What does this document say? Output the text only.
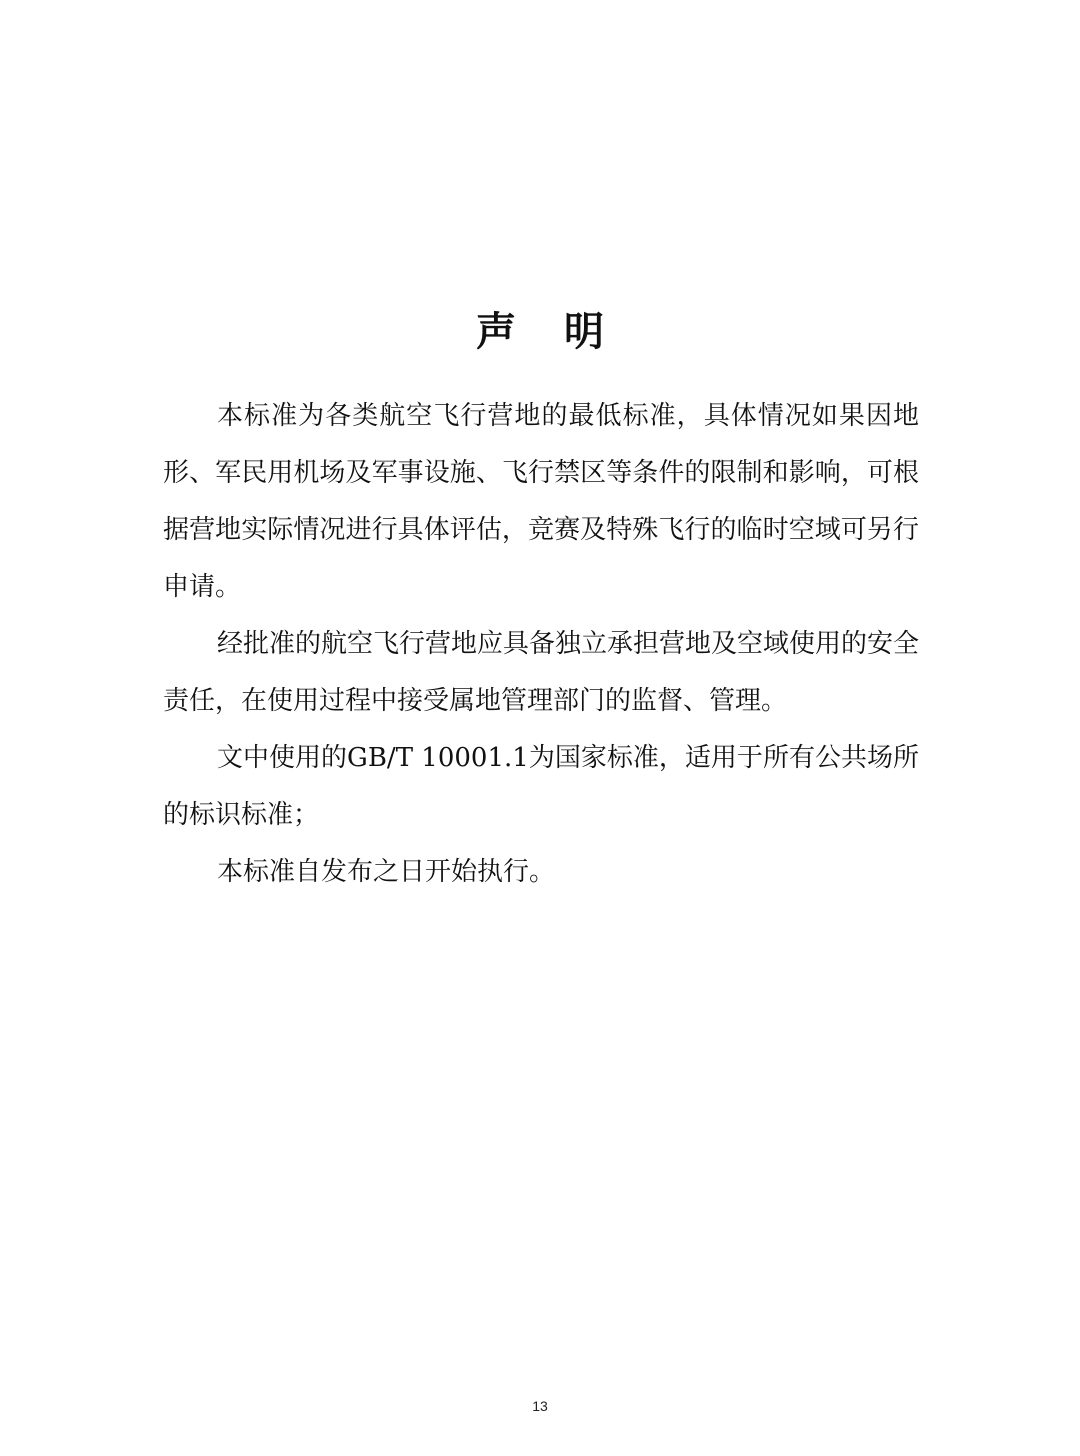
声 明

本标准为各类航空飞行营地的最低标准，具体情况如果因地形、军民用机场及军事设施、飞行禁区等条件的限制和影响，可根据营地实际情况进行具体评估，竞赛及特殊飞行的临时空域可另行申请。

经批准的航空飞行营地应具备独立承担营地及空域使用的安全责任，在使用过程中接受属地管理部门的监督、管理。

文中使用的GB/T 10001.1为国家标准，适用于所有公共场所的标识标准；

本标准自发布之日开始执行。

13
